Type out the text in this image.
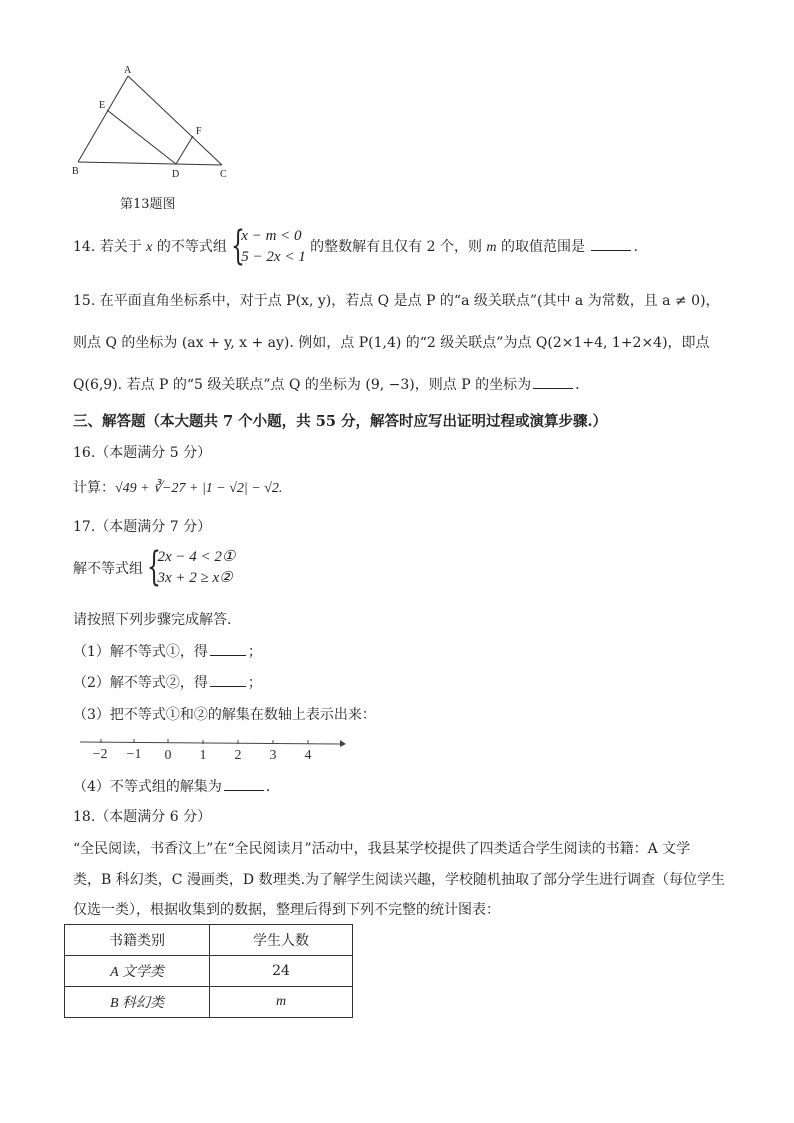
A
E
F
B	D	C
第13题图
14. 若关于 x 的不等式组 {
x − m < 0
5 − 2x < 1
的整数解有且仅有 2 个，则 m 的取值范围是	.
15. 在平面直角坐标系中，对于点 P(x, y)，若点 Q 是点 P 的“a 级关联点”(其中 a 为常数，且 a ≠ 0)，
则点 Q 的坐标为 (ax + y, x + ay). 例如，点 P(1,4) 的“2 级关联点”为点 Q(2×1+4, 1+2×4)，即点
Q(6,9). 若点 P 的“5 级关联点”点 Q 的坐标为 (9, −3)，则点 P 的坐标为	.
三、解答题（本大题共 7 个小题，共 55 分，解答时应写出证明过程或演算步骤.）
16.（本题满分 5 分）
计算：√49 + ∛−27 + |1 − √2| − √2.
17.（本题满分 7 分）
解不等式组 {
2x − 4 < 2①
3x + 2 ≥ x②
请按照下列步骤完成解答.
（1）解不等式①，得	；
（2）解不等式②，得	；
（3）把不等式①和②的解集在数轴上表示出来：
−2 −1 0 1 2 3 4
（4）不等式组的解集为	.
18.（本题满分 6 分）
“全民阅读，书香汶上”在“全民阅读月”活动中，我县某学校提供了四类适合学生阅读的书籍：A 文学
类，B 科幻类，C 漫画类，D 数理类.为了解学生阅读兴趣，学校随机抽取了部分学生进行调查（每位学生
仅选一类），根据收集到的数据，整理后得到下列不完整的统计图表：
书籍类别	学生人数
A 文学类	24
B 科幻类	m
